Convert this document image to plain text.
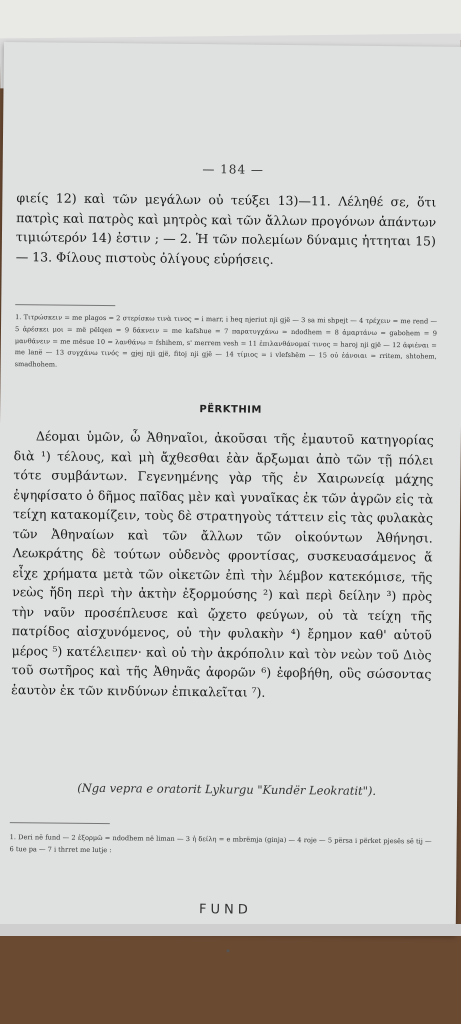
— 184 —

φιείς 12) καὶ τῶν μεγάλων οὐ τεύξει 13)—11. Λέληθέ σε, ὅτι πατρὶς καὶ πατρὸς καὶ μητρὸς καὶ τῶν ἄλλων προγόνων ἁπάντων τιμιώτερόν 14) ἐστιν ; — 2. Ἡ τῶν πολεμίων δύναμις ἡττηται 15) — 13. Φίλους πιστοὺς ὀλίγους εὑρήσεις.

1. Τιτρώσκειν = me plagos = 2 στερίσκω τινὰ τινος = i marr, i heq njeriut nji gjë — 3 sa mi shpejt — 4 τρέχειν = me rend — 5 ἀρέσκει μοι = më pëlqen = 9 δάκνειν = me kafshue = 7 παρατυγχάνω = ndodhem = 8 ἁμαρτάνω = gabohem = 9 μανθάνειν = me mësue 10 = λανθάνω = fshihem, s' merrem vesh = 11 ἐπιλανθάνομαί τινος = haroj nji gjë — 12 ἀφιέναι = me lanë — 13 συγχάνω τινός = gjej nji gjë, fitoj nji gjë — 14 τίμιος = i vlefshëm — 15 οὐ ἐάνοιαι = rritem, shtohem, smadhohem.

PËRKTHIM

Δέομαι ὑμῶν, ὦ Ἀθηναῖοι, ἀκοῦσαι τῆς ἐμαυτοῦ κατηγορίας διὰ ¹) τέλους, καὶ μὴ ἄχθεσθαι ἐὰν ἄρξωμαι ἀπὸ τῶν τῇ πόλει τότε συμβάντων. Γεγενημένης γὰρ τῆς ἐν Χαιρωνείᾳ μάχης ἐψηφίσατο ὁ δῆμος παῖδας μὲν καὶ γυναῖκας ἐκ τῶν ἀγρῶν εἰς τὰ τείχη κατακομίζειν, τοὺς δὲ στρατηγοὺς τάττειν εἰς τὰς φυλακὰς τῶν Ἀθηναίων καὶ τῶν ἄλλων τῶν οἰκούντων Ἀθήνησι. Λεωκράτης δὲ τούτων οὐδενὸς φροντίσας, συσκευασάμενος ἅ εἶχε χρήματα μετὰ τῶν οἰκετῶν ἐπὶ τὴν λέμβον κατεκόμισε, τῆς νεὼς ἤδη περὶ τὴν ἀκτὴν ἐξορμούσης ²) καὶ περὶ δείλην ³) πρὸς τὴν ναῦν προσέπλευσε καὶ ᾤχετο φεύγων, οὐ τὰ τείχη τῆς πατρίδος αἰσχυνόμενος, οὐ τὴν φυλακὴν ⁴) ἔρημον καθ' αὑτοῦ μέρος ⁵) κατέλειπεν· καὶ οὐ τὴν ἀκρόπολιν καὶ τὸν νεὼν τοῦ Διὸς τοῦ σωτῆρος καὶ τῆς Ἀθηνᾶς ἀφορῶν ⁶) ἐφοβήθη, οὓς σώσοντας ἑαυτὸν ἐκ τῶν κινδύνων ἐπικαλεῖται ⁷).

(Nga vepra e oratorit Lykurgu "Kundër Leokratit").

1. Deri në fund — 2 ἐξορμῶ = ndodhem në liman — 3 ἡ δείλη = e mbrëmja (ginja) — 4 roje — 5 përsa i përket pjesës së tij — 6 tue pa — 7 i thrret me lutje :

FUND
